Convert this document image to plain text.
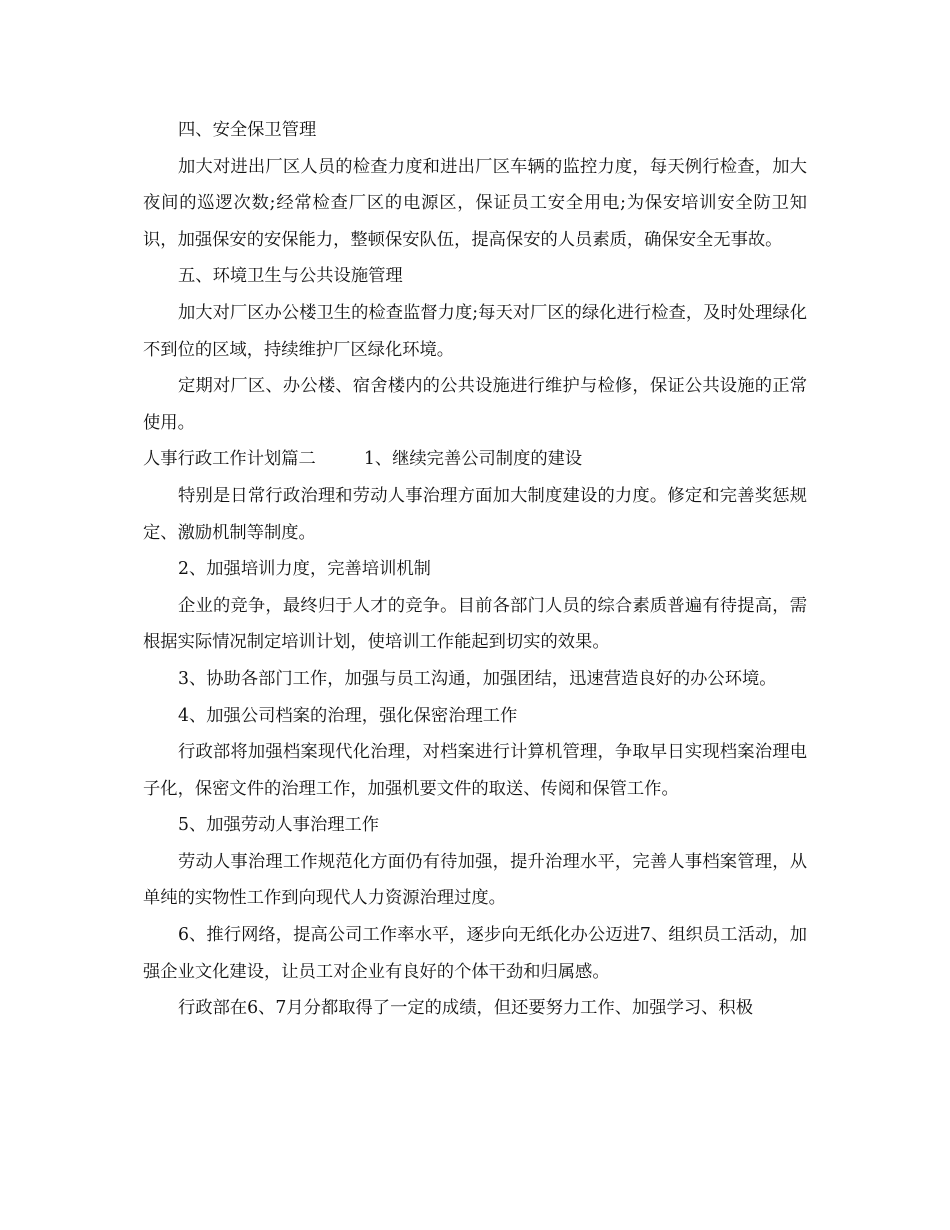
四、安全保卫管理

加大对进出厂区人员的检查力度和进出厂区车辆的监控力度，每天例行检查，加大夜间的巡逻次数;经常检查厂区的电源区，保证员工安全用电;为保安培训安全防卫知识，加强保安的安保能力，整顿保安队伍，提高保安的人员素质，确保安全无事故。

五、环境卫生与公共设施管理

加大对厂区办公楼卫生的检查监督力度;每天对厂区的绿化进行检查，及时处理绿化不到位的区域，持续维护厂区绿化环境。

定期对厂区、办公楼、宿舍楼内的公共设施进行维护与检修，保证公共设施的正常使用。

人事行政工作计划篇二	1、继续完善公司制度的建设

特别是日常行政治理和劳动人事治理方面加大制度建设的力度。修定和完善奖惩规定、激励机制等制度。

2、加强培训力度，完善培训机制

企业的竞争，最终归于人才的竞争。目前各部门人员的综合素质普遍有待提高，需根据实际情况制定培训计划，使培训工作能起到切实的效果。

3、协助各部门工作，加强与员工沟通，加强团结，迅速营造良好的办公环境。

4、加强公司档案的治理，强化保密治理工作

行政部将加强档案现代化治理，对档案进行计算机管理，争取早日实现档案治理电子化，保密文件的治理工作，加强机要文件的取送、传阅和保管工作。

5、加强劳动人事治理工作

劳动人事治理工作规范化方面仍有待加强，提升治理水平，完善人事档案管理，从单纯的实物性工作到向现代人力资源治理过度。

6、推行网络，提高公司工作率水平，逐步向无纸化办公迈进7、组织员工活动，加强企业文化建设，让员工对企业有良好的个体干劲和归属感。

行政部在6、7月分都取得了一定的成绩，但还要努力工作、加强学习、积极
